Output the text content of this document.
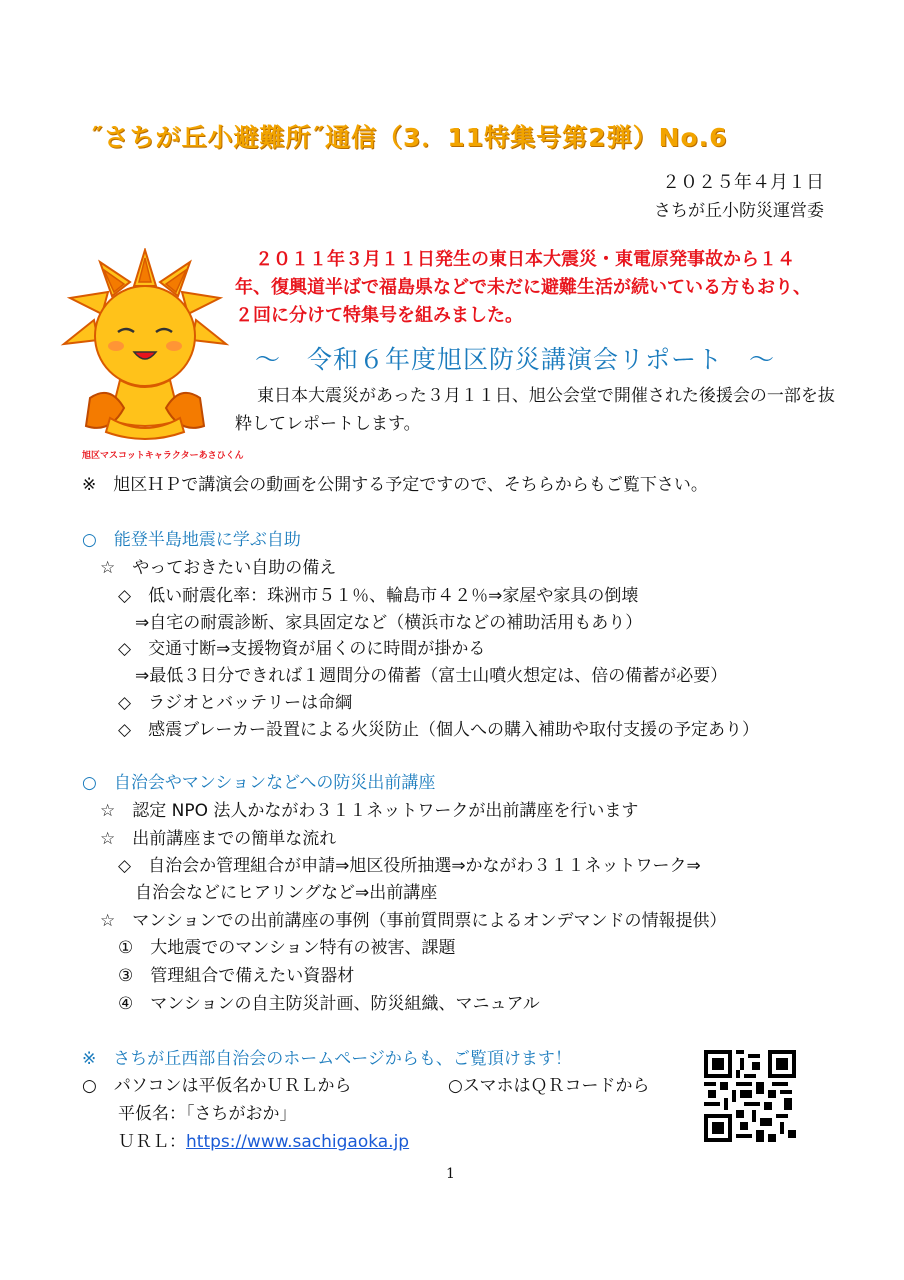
˝さちが丘小避難所˝通信（3．11特集号第2弾）No.6
２０２５年４月１日
さちが丘小防災運営委
２０１１年３月１１日発生の東日本大震災・東電原発事故から１４年、復興道半ばで福島県などで未だに避難生活が続いている方もおり、２回に分けて特集号を組みました。
～　令和６年度旭区防災講演会リポート　～
東日本大震災があった３月１１日、旭公会堂で開催された後援会の一部を抜粋してレポートします。
旭区マスコットキャラクターあさひくん
※　旭区ＨＰで講演会の動画を公開する予定ですので、そちらからもご覧下さい。
○　能登半島地震に学ぶ自助
☆　やっておきたい自助の備え
◇　低い耐震化率：珠洲市５１％、輪島市４２％⇒家屋や家具の倒壊
⇒自宅の耐震診断、家具固定など（横浜市などの補助活用もあり）
◇　交通寸断⇒支援物資が届くのに時間が掛かる
⇒最低３日分できれば１週間分の備蓄（富士山噴火想定は、倍の備蓄が必要）
◇　ラジオとバッテリーは命綱
◇　感震ブレーカー設置による火災防止（個人への購入補助や取付支援の予定あり）
○　自治会やマンションなどへの防災出前講座
☆　認定 NPO 法人かながわ３１１ネットワークが出前講座を行います
☆　出前講座までの簡単な流れ
◇　自治会か管理組合が申請⇒旭区役所抽選⇒かながわ３１１ネットワーク⇒
自治会などにヒアリングなど⇒出前講座
☆　マンションでの出前講座の事例（事前質問票によるオンデマンドの情報提供）
①　大地震でのマンション特有の被害、課題
③　管理組合で備えたい資器材
④　マンションの自主防災計画、防災組織、マニュアル
※　さちが丘西部自治会のホームページからも、ご覧頂けます！
○　パソコンは平仮名かＵＲＬから	○スマホはＱＲコードから
平仮名：「さちがおか」
ＵＲＬ：https://www.sachigaoka.jp
1
